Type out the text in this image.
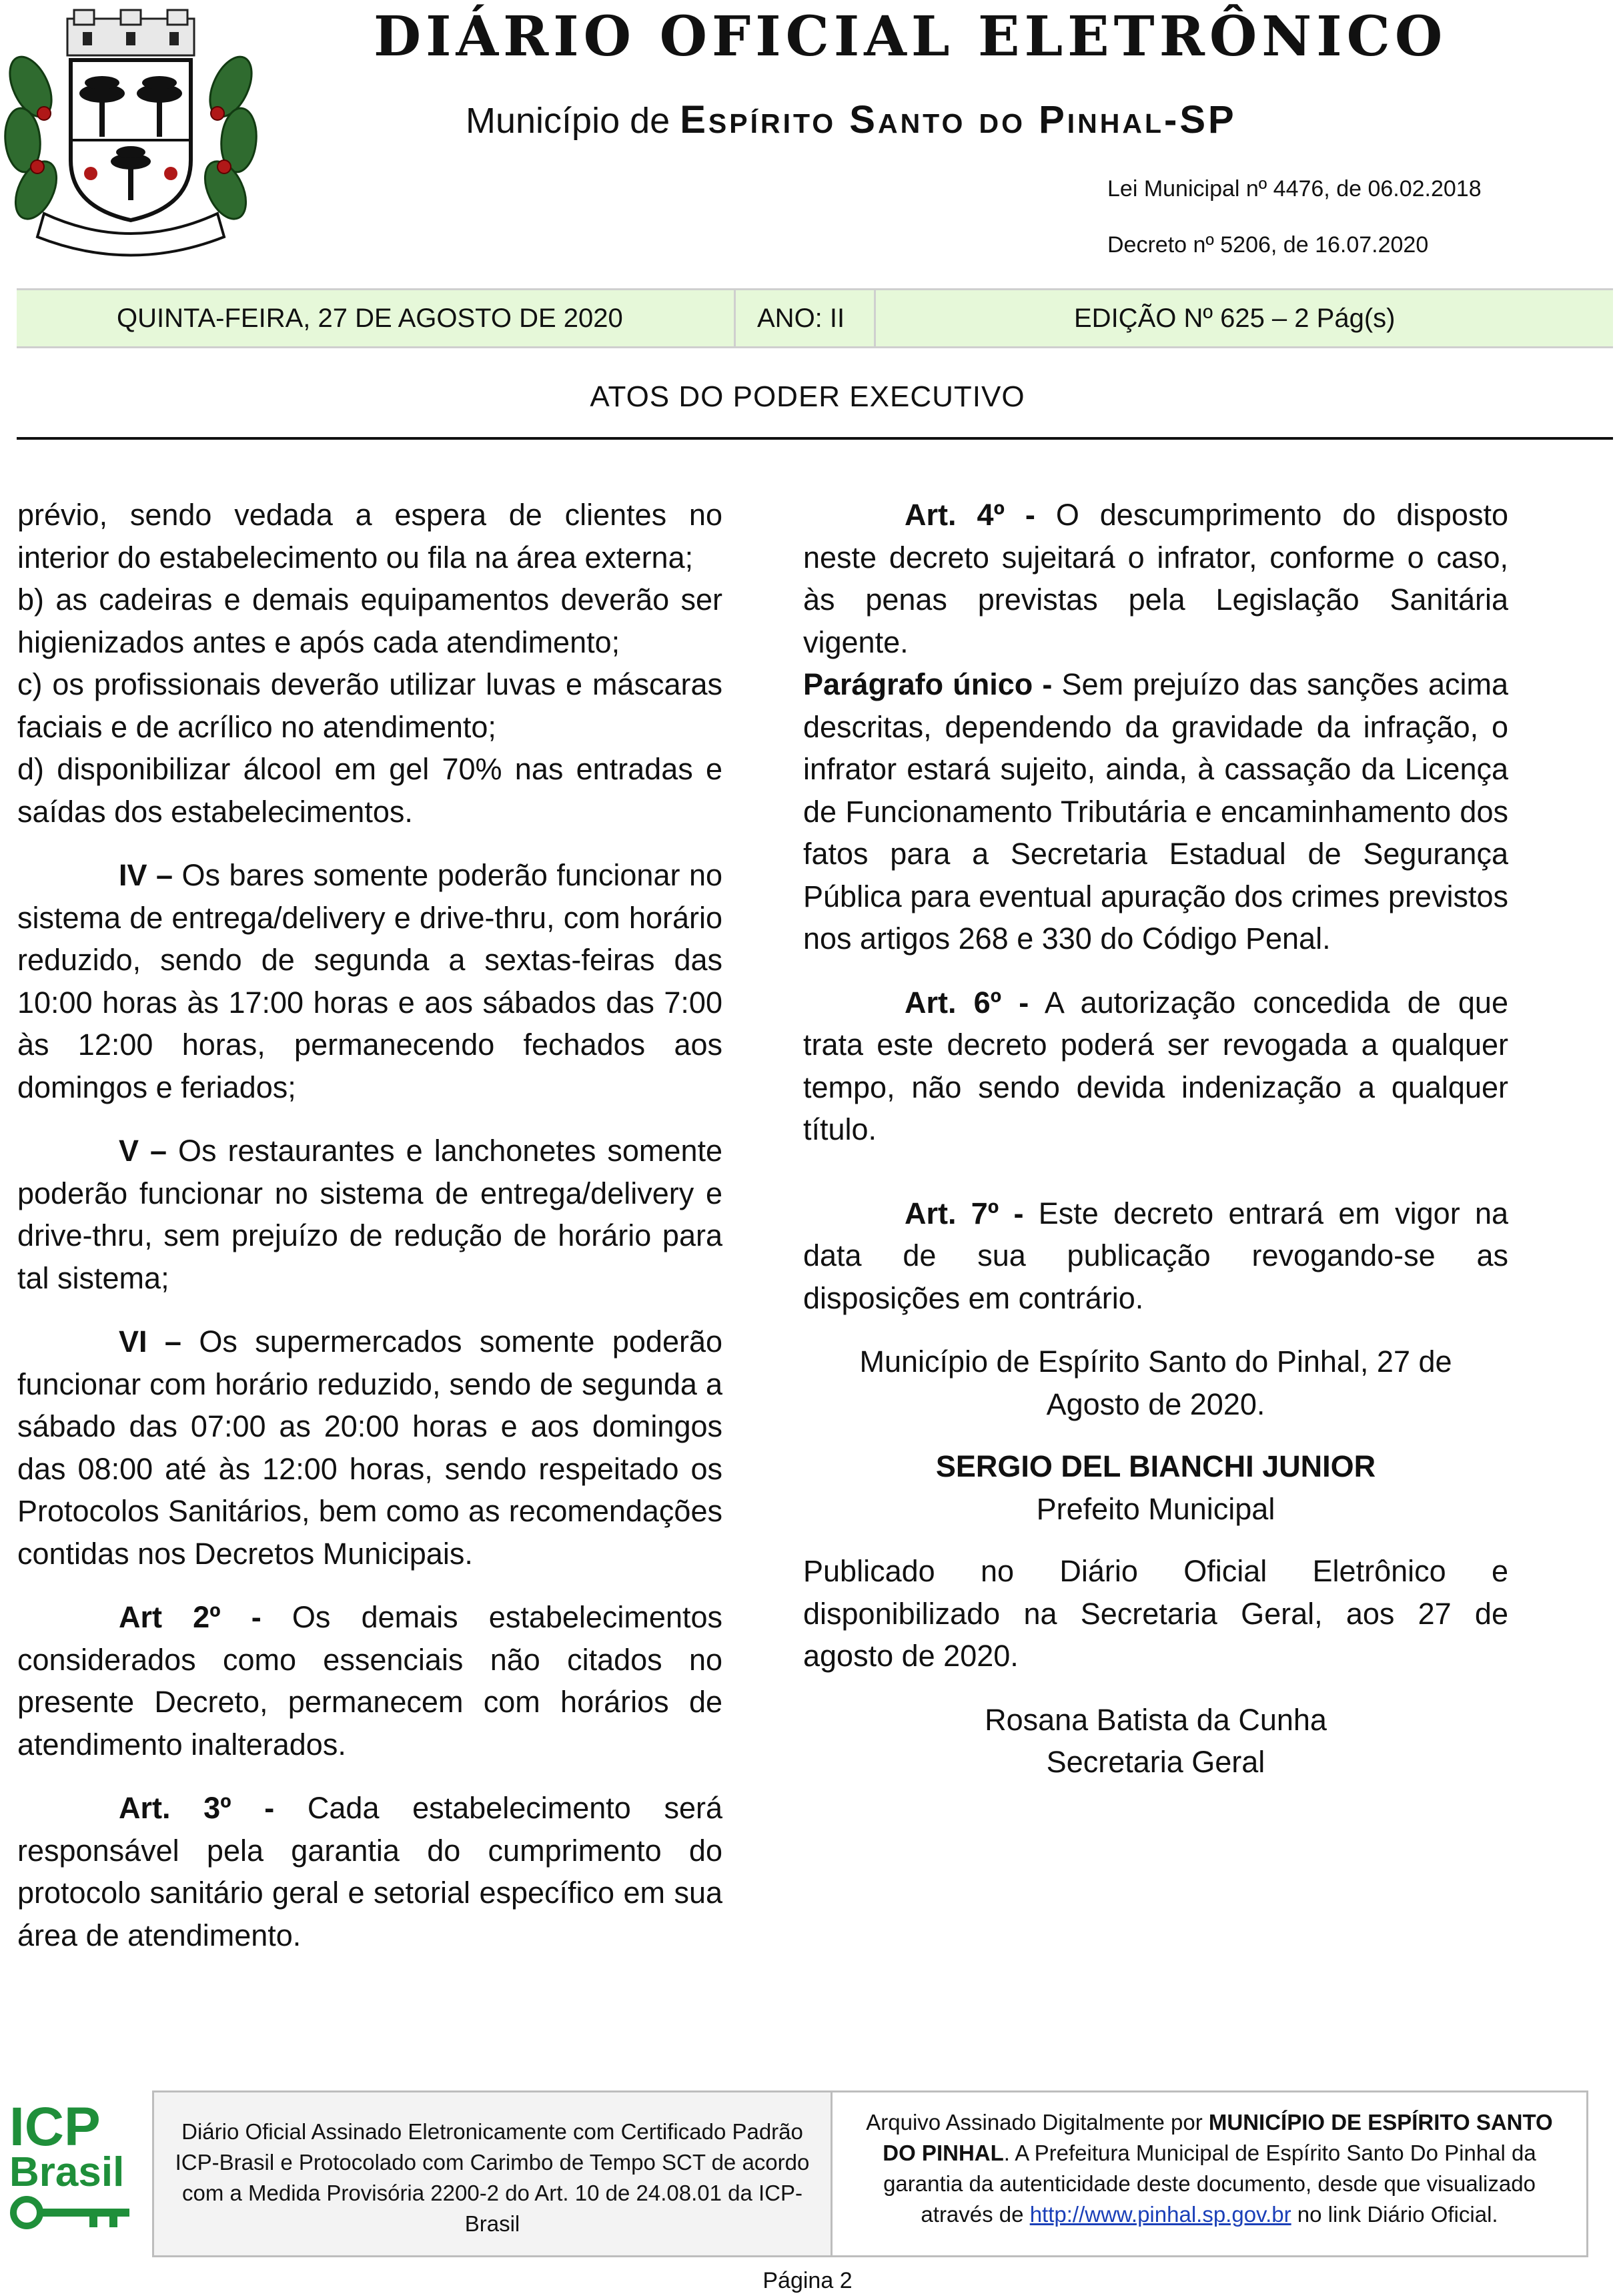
DIÁRIO OFICIAL ELETRÔNICO
Município de Espírito Santo do Pinhal-SP
Lei Municipal nº 4476, de 06.02.2018
Decreto nº 5206, de 16.07.2020
QUINTA-FEIRA, 27 DE AGOSTO DE 2020	ANO: II	EDIÇÃO Nº 625 – 2 Pág(s)
ATOS DO PODER EXECUTIVO
prévio, sendo vedada a espera de clientes no interior do estabelecimento ou fila na área externa;
b) as cadeiras e demais equipamentos deverão ser higienizados antes e após cada atendimento;
c) os profissionais deverão utilizar luvas e máscaras faciais e de acrílico no atendimento;

d) disponibilizar álcool em gel 70% nas entradas e saídas dos estabelecimentos.

IV – Os bares somente poderão funcionar no sistema de entrega/delivery e drive-thru, com horário reduzido, sendo de segunda a sextas-feiras das 10:00 horas às 17:00 horas e aos sábados das 7:00 às 12:00 horas, permanecendo fechados aos domingos e feriados;

V – Os restaurantes e lanchonetes somente poderão funcionar no sistema de entrega/delivery e drive-thru, sem prejuízo de redução de horário para tal sistema;

VI – Os supermercados somente poderão funcionar com horário reduzido, sendo de segunda a sábado das 07:00 as 20:00 horas e aos domingos das 08:00 até às 12:00 horas, sendo respeitado os Protocolos Sanitários, bem como as recomendações contidas nos Decretos Municipais.

Art 2º - Os demais estabelecimentos considerados como essenciais não citados no presente Decreto, permanecem com horários de atendimento inalterados.

Art. 3º - Cada estabelecimento será responsável pela garantia do cumprimento do protocolo sanitário geral e setorial específico em sua área de atendimento.

Art. 4º - O descumprimento do disposto neste decreto sujeitará o infrator, conforme o caso, às penas previstas pela Legislação Sanitária vigente.

Parágrafo único - Sem prejuízo das sanções acima descritas, dependendo da gravidade da infração, o infrator estará sujeito, ainda, à cassação da Licença de Funcionamento Tributária e encaminhamento dos fatos para a Secretaria Estadual de Segurança Pública para eventual apuração dos crimes previstos nos artigos 268 e 330 do Código Penal.

Art. 6º - A autorização concedida de que trata este decreto poderá ser revogada a qualquer tempo, não sendo devida indenização a qualquer título.

Art. 7º - Este decreto entrará em vigor na data de sua publicação revogando-se as disposições em contrário.

Município de Espírito Santo do Pinhal, 27 de
Agosto de 2020.
SERGIO DEL BIANCHI JUNIOR
Prefeito Municipal

Publicado no Diário Oficial Eletrônico e disponibilizado na Secretaria Geral, aos 27 de agosto de 2020.

Rosana Batista da Cunha
Secretaria Geral
ICP
Brasil
Diário Oficial Assinado Eletronicamente com Certificado Padrão ICP-Brasil e Protocolado com Carimbo de Tempo SCT de acordo com a Medida Provisória 2200-2 do Art. 10 de 24.08.01 da ICP-Brasil
Arquivo Assinado Digitalmente por MUNICÍPIO DE ESPÍRITO SANTO DO PINHAL. A Prefeitura Municipal de Espírito Santo Do Pinhal da garantia da autenticidade deste documento, desde que visualizado através de http://www.pinhal.sp.gov.br no link Diário Oficial.
Página 2
